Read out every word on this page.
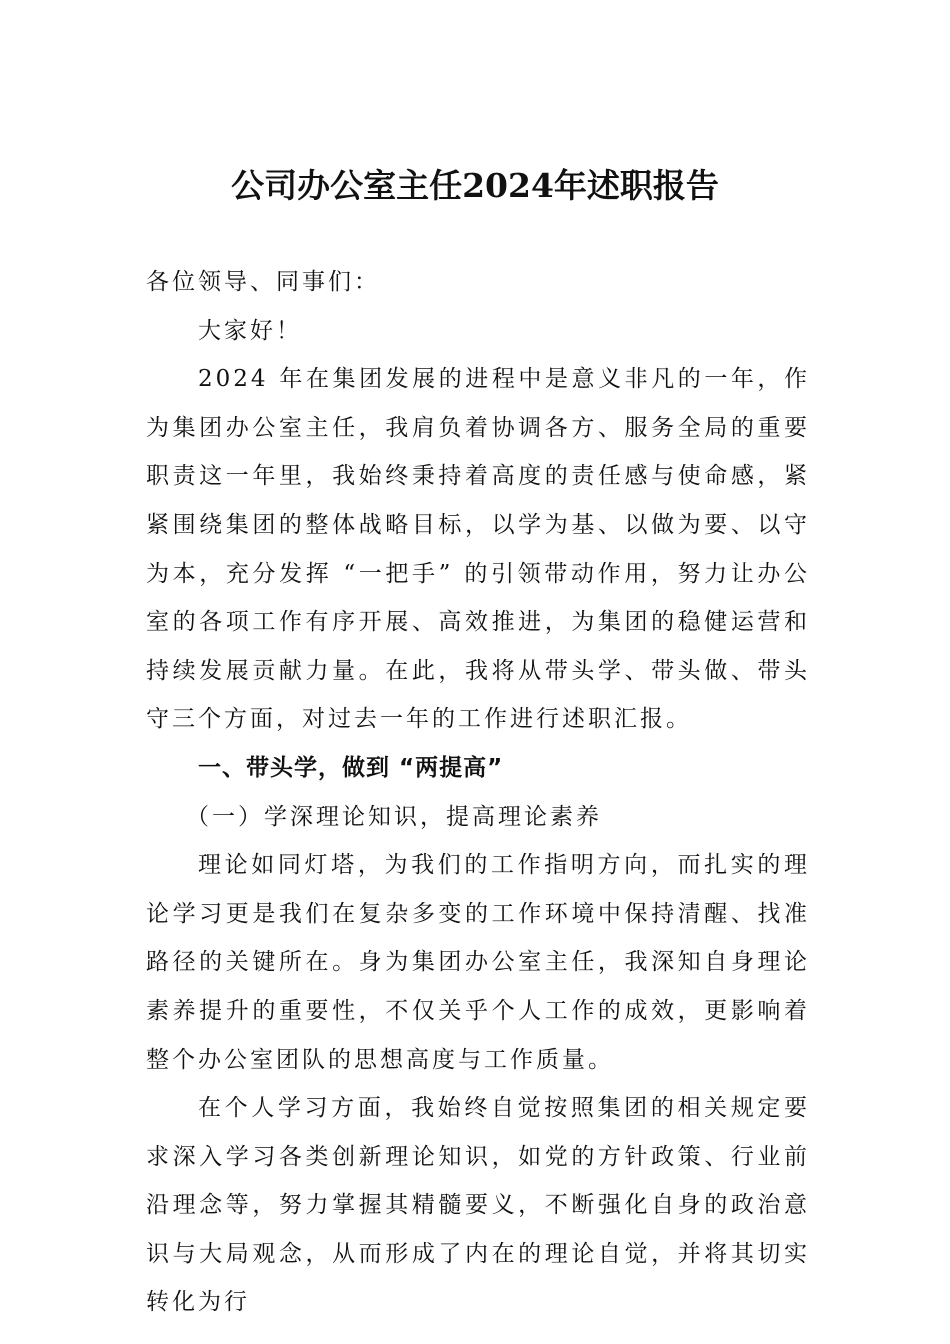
公司办公室主任2024年述职报告

各位领导、同事们：

大家好！

2024 年在集团发展的进程中是意义非凡的一年，作为集团办公室主任，我肩负着协调各方、服务全局的重要职责这一年里，我始终秉持着高度的责任感与使命感，紧紧围绕集团的整体战略目标，以学为基、以做为要、以守为本，充分发挥 “一把手” 的引领带动作用，努力让办公室的各项工作有序开展、高效推进，为集团的稳健运营和持续发展贡献力量。在此，我将从带头学、带头做、带头守三个方面，对过去一年的工作进行述职汇报。

一、带头学，做到 “两提高”

（一）学深理论知识，提高理论素养

理论如同灯塔，为我们的工作指明方向，而扎实的理论学习更是我们在复杂多变的工作环境中保持清醒、找准路径的关键所在。身为集团办公室主任，我深知自身理论素养提升的重要性，不仅关乎个人工作的成效，更影响着整个办公室团队的思想高度与工作质量。

在个人学习方面，我始终自觉按照集团的相关规定要求深入学习各类创新理论知识，如党的方针政策、行业前沿理念等，努力掌握其精髓要义，不断强化自身的政治意识与大局观念，从而形成了内在的理论自觉，并将其切实转化为行
